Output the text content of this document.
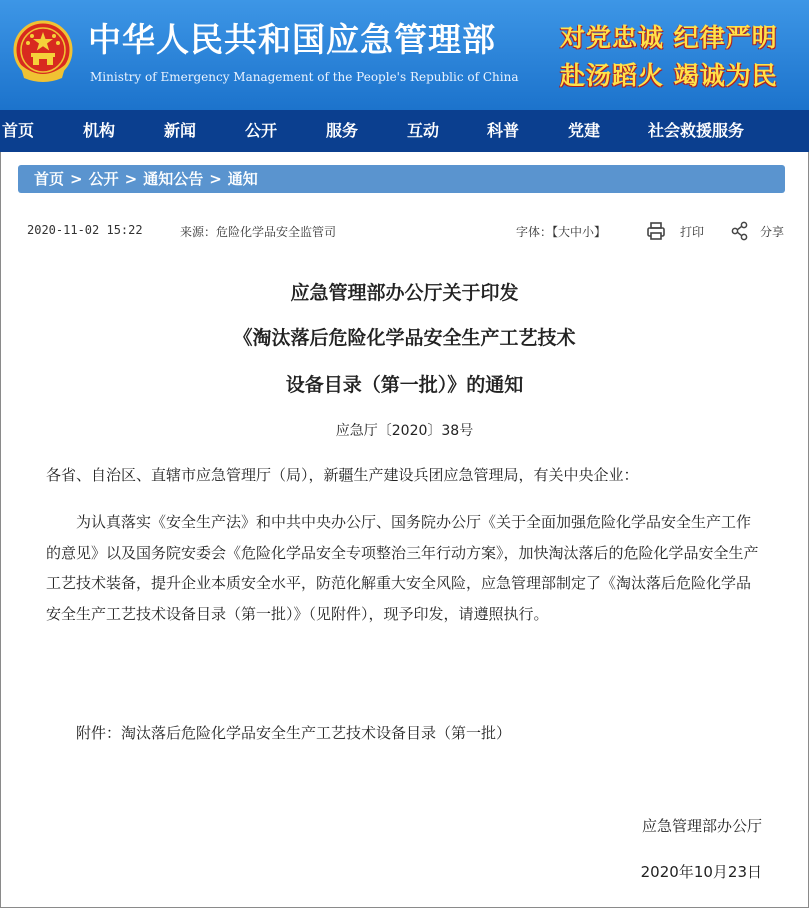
中华人民共和国应急管理部
Ministry of Emergency Management of the People's Republic of China
对党忠诚 纪律严明
赴汤蹈火 竭诚为民
首页	机构	新闻	公开	服务	互动	科普	党建	社会救援服务
首页 > 公开 > 通知公告 > 通知
2020-11-02 15:22	来源：危险化学品安全监管司	字体：【大中小】	打印	分享
应急管理部办公厅关于印发
《淘汰落后危险化学品安全生产工艺技术
设备目录（第一批）》的通知
应急厅〔2020〕38号
各省、自治区、直辖市应急管理厅（局），新疆生产建设兵团应急管理局，有关中央企业：
为认真落实《安全生产法》和中共中央办公厅、国务院办公厅《关于全面加强危险化学品安全生产工作的意见》以及国务院安委会《危险化学品安全专项整治三年行动方案》，加快淘汰落后的危险化学品安全生产工艺技术装备，提升企业本质安全水平，防范化解重大安全风险，应急管理部制定了《淘汰落后危险化学品安全生产工艺技术设备目录（第一批）》（见附件），现予印发，请遵照执行。
附件：淘汰落后危险化学品安全生产工艺技术设备目录（第一批）
应急管理部办公厅
2020年10月23日
